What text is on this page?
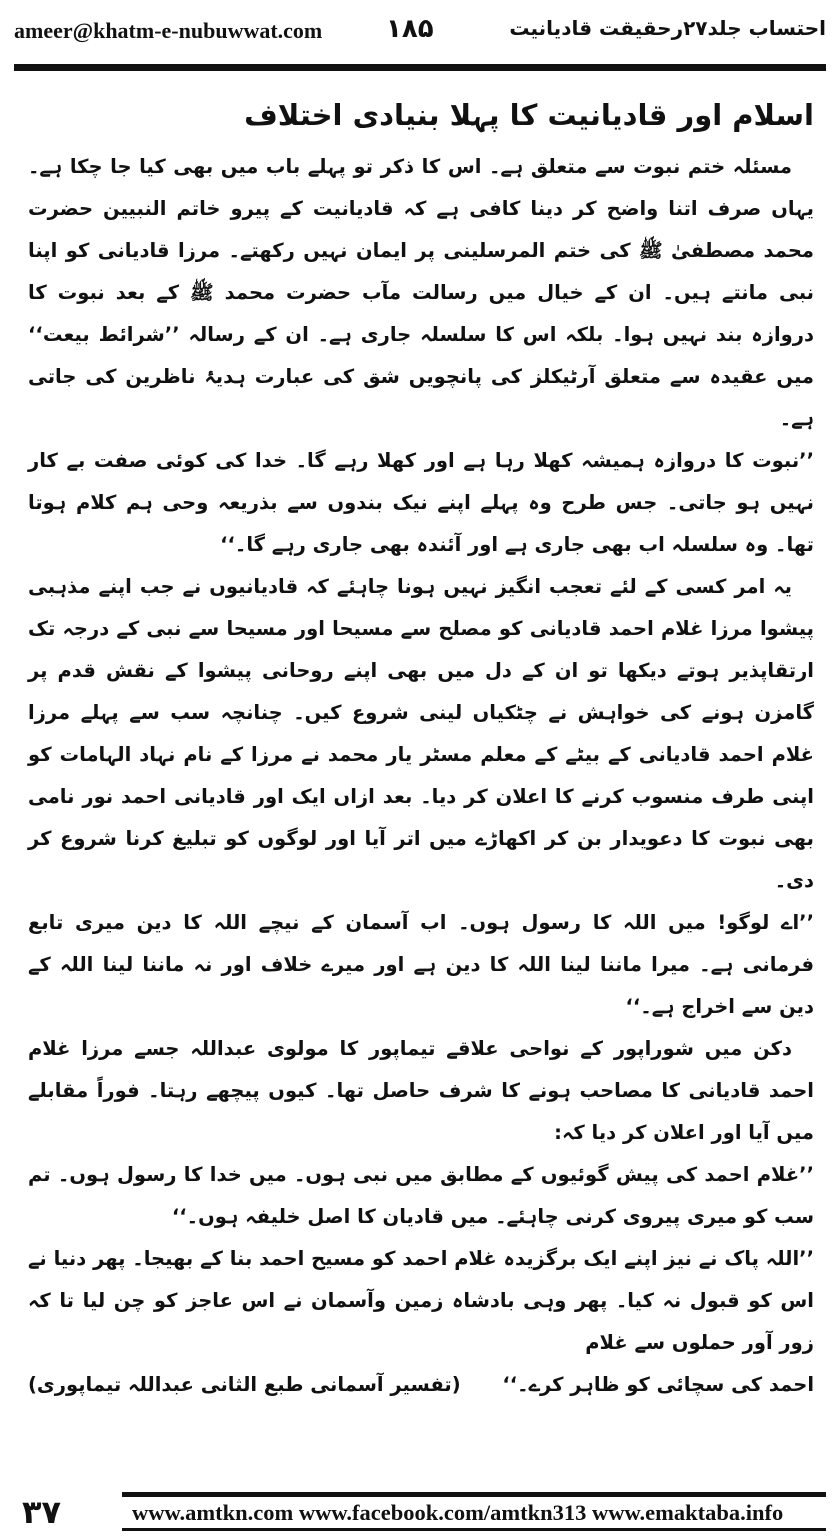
ameer@khatm-e-nubuwwat.com ۱۸۵	احتساب جلد۲۷رحقیقت قادیانیت
اسلام اور قادیانیت کا پہلا بنیادی اختلاف

مسئلہ ختم نبوت سے متعلق ہے۔ اس کا ذکر تو پہلے باب میں بھی کیا جا چکا ہے۔ یہاں صرف اتنا واضح کر دینا کافی ہے کہ قادیانیت کے پیرو خاتم النبیین حضرت محمد مصطفیٰ ﷺ کی ختم المرسلینی پر ایمان نہیں رکھتے۔ مرزا قادیانی کو اپنا نبی مانتے ہیں۔ ان کے خیال میں رسالت مآب حضرت محمد ﷺ کے بعد نبوت کا دروازہ بند نہیں ہوا۔ بلکہ اس کا سلسلہ جاری ہے۔ ان کے رسالہ ’’شرائط بیعت‘‘ میں عقیدہ سے متعلق آرٹیکلز کی پانچویں شق کی عبارت ہدیۂ ناظرین کی جاتی ہے۔

’’نبوت کا دروازہ ہمیشہ کھلا رہا ہے اور کھلا رہے گا۔ خدا کی کوئی صفت بے کار نہیں ہو جاتی۔ جس طرح وہ پہلے اپنے نیک بندوں سے بذریعہ وحی ہم کلام ہوتا تھا۔ وہ سلسلہ اب بھی جاری ہے اور آئندہ بھی جاری رہے گا۔‘‘

یہ امر کسی کے لئے تعجب انگیز نہیں ہونا چاہئے کہ قادیانیوں نے جب اپنے مذہبی پیشوا مرزا غلام احمد قادیانی کو مصلح سے مسیحا اور مسیحا سے نبی کے درجہ تک ارتقاپذیر ہوتے دیکھا تو ان کے دل میں بھی اپنے روحانی پیشوا کے نقش قدم پر گامزن ہونے کی خواہش نے چٹکیاں لینی شروع کیں۔ چنانچہ سب سے پہلے مرزا غلام احمد قادیانی کے بیٹے کے معلم مسٹر یار محمد نے مرزا کے نام نہاد الہامات کو اپنی طرف منسوب کرنے کا اعلان کر دیا۔ بعد ازاں ایک اور قادیانی احمد نور نامی بھی نبوت کا دعویدار بن کر اکھاڑے میں اتر آیا اور لوگوں کو تبلیغ کرنا شروع کر دی۔

’’اے لوگو! میں اللہ کا رسول ہوں۔ اب آسمان کے نیچے اللہ کا دین میری تابع فرمانی ہے۔ میرا ماننا لینا اللہ کا دین ہے اور میرے خلاف اور نہ ماننا لینا اللہ کے دین سے اخراج ہے۔‘‘

دکن میں شوراپور کے نواحی علاقے تیماپور کا مولوی عبداللہ جسے مرزا غلام احمد قادیانی کا مصاحب ہونے کا شرف حاصل تھا۔ کیوں پیچھے رہتا۔ فوراً مقابلے میں آیا اور اعلان کر دیا کہ:

’’غلام احمد کی پیش گوئیوں کے مطابق میں نبی ہوں۔ میں خدا کا رسول ہوں۔ تم سب کو میری پیروی کرنی چاہئے۔ میں قادیان کا اصل خلیفہ ہوں۔‘‘

’’اللہ پاک نے نیز اپنے ایک برگزیدہ غلام احمد کو مسیح احمد بنا کے بھیجا۔ پھر دنیا نے اس کو قبول نہ کیا۔ پھر وہی بادشاہ زمین وآسمان نے اس عاجز کو چن لیا تا کہ زور آور حملوں سے غلام

احمد کی سچائی کو ظاہر کرے۔‘‘
(تفسیر آسمانی طبع الثانی عبداللہ تیماپوری)
۳۷	www.amtkn.com www.facebook.com/amtkn313 www.emaktaba.info
